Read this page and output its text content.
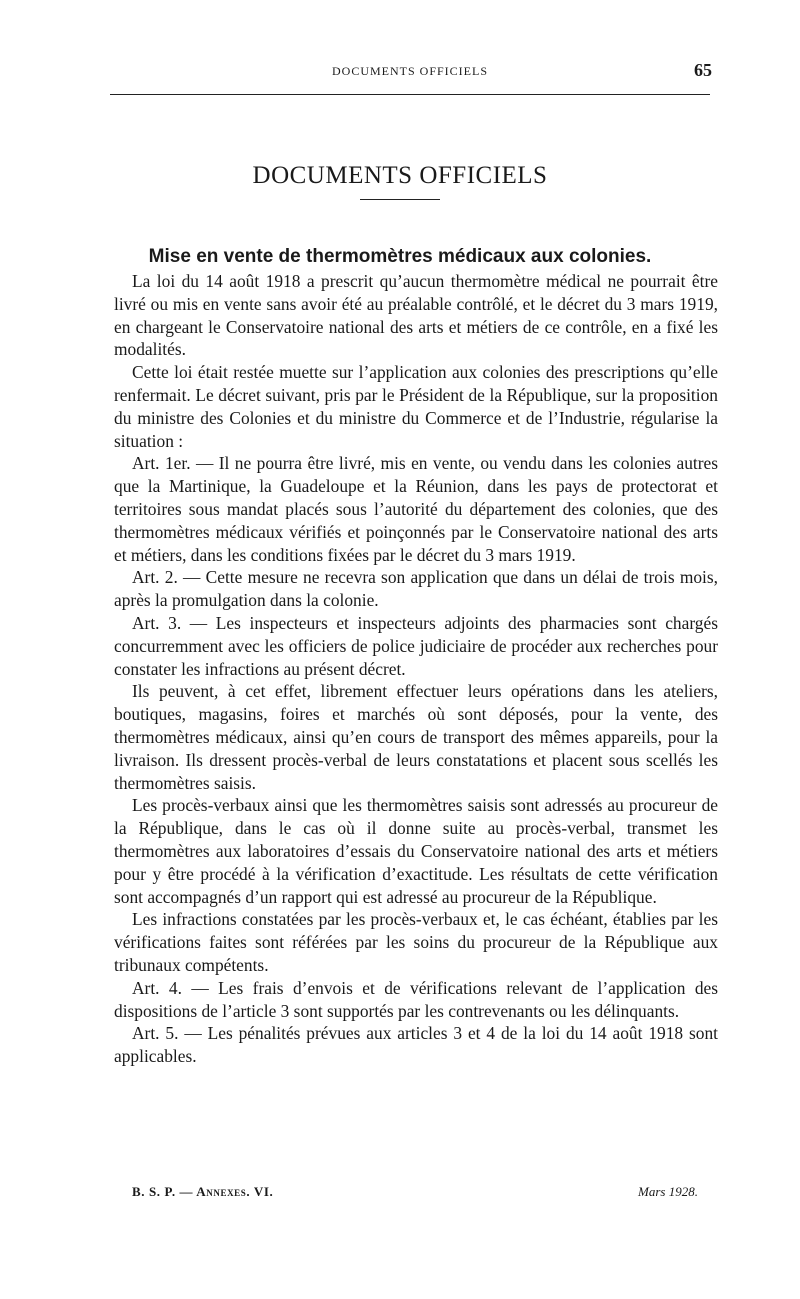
DOCUMENTS OFFICIELS	65
DOCUMENTS OFFICIELS
Mise en vente de thermomètres médicaux aux colonies.

La loi du 14 août 1918 a prescrit qu’aucun thermomètre médical ne pourrait être livré ou mis en vente sans avoir été au préalable contrôlé, et le décret du 3 mars 1919, en chargeant le Conservatoire national des arts et métiers de ce contrôle, en a fixé les modalités.

Cette loi était restée muette sur l’application aux colonies des prescriptions qu’elle renfermait. Le décret suivant, pris par le Président de la République, sur la proposition du ministre des Colonies et du ministre du Commerce et de l’Industrie, régularise la situation :

Art. 1er. — Il ne pourra être livré, mis en vente, ou vendu dans les colonies autres que la Martinique, la Guadeloupe et la Réunion, dans les pays de protectorat et territoires sous mandat placés sous l’autorité du département des colonies, que des thermomètres médicaux vérifiés et poinçonnés par le Conservatoire national des arts et métiers, dans les conditions fixées par le décret du 3 mars 1919.

Art. 2. — Cette mesure ne recevra son application que dans un délai de trois mois, après la promulgation dans la colonie.

Art. 3. — Les inspecteurs et inspecteurs adjoints des pharmacies sont chargés concurremment avec les officiers de police judiciaire de procéder aux recherches pour constater les infractions au présent décret.

Ils peuvent, à cet effet, librement effectuer leurs opérations dans les ateliers, boutiques, magasins, foires et marchés où sont déposés, pour la vente, des thermomètres médicaux, ainsi qu’en cours de transport des mêmes appareils, pour la livraison. Ils dressent procès-verbal de leurs constatations et placent sous scellés les thermomètres saisis.

Les procès-verbaux ainsi que les thermomètres saisis sont adressés au procureur de la République, dans le cas où il donne suite au procès-verbal, transmet les thermomètres aux laboratoires d’essais du Conservatoire national des arts et métiers pour y être procédé à la vérification d’exactitude. Les résultats de cette vérification sont accompagnés d’un rapport qui est adressé au procureur de la République.

Les infractions constatées par les procès-verbaux et, le cas échéant, établies par les vérifications faites sont référées par les soins du procureur de la République aux tribunaux compétents.

Art. 4. — Les frais d’envois et de vérifications relevant de l’application des dispositions de l’article 3 sont supportés par les contrevenants ou les délinquants.

Art. 5. — Les pénalités prévues aux articles 3 et 4 de la loi du 14 août 1918 sont applicables.

B. S. P. — Annexes. VI.	Mars 1928.
